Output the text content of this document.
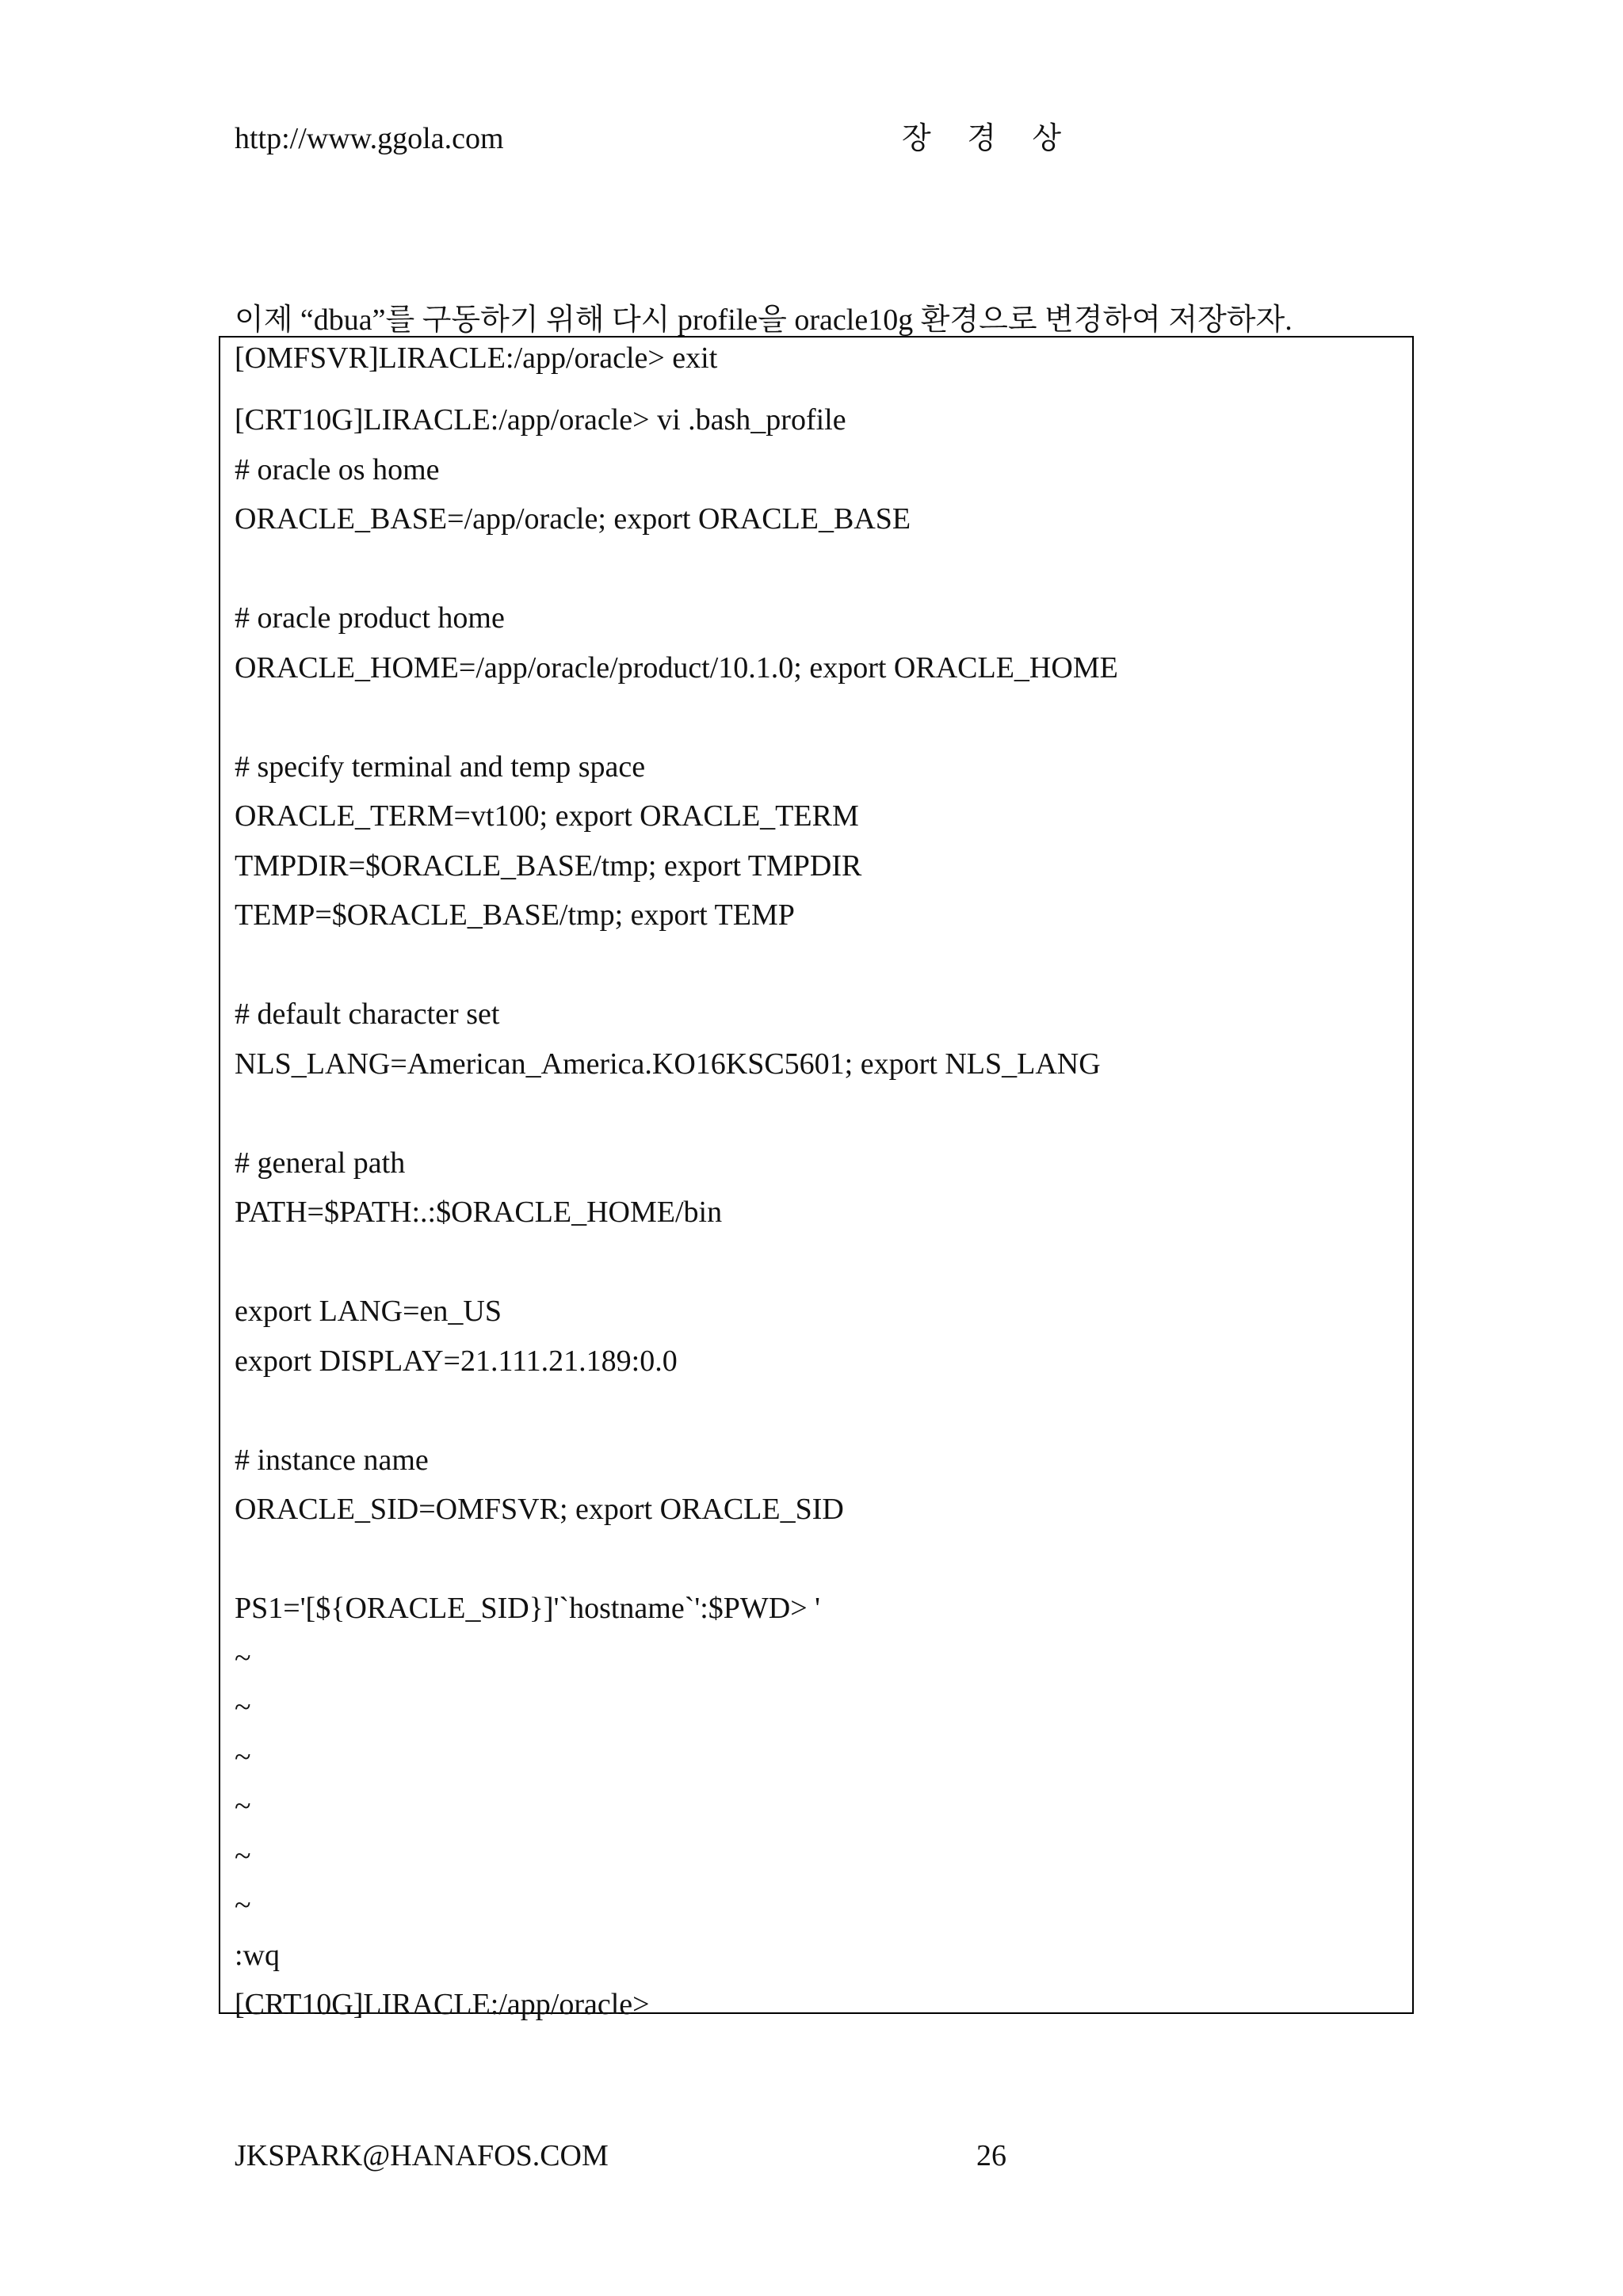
http://www.ggola.com	장 경 상
이제 “dbua”를 구동하기 위해 다시 profile을 oracle10g 환경으로 변경하여 저장하자.
[OMFSVR]LIRACLE:/app/oracle> exit
[CRT10G]LIRACLE:/app/oracle> vi .bash_profile
# oracle os home
ORACLE_BASE=/app/oracle; export ORACLE_BASE
# oracle product home
ORACLE_HOME=/app/oracle/product/10.1.0; export ORACLE_HOME
# specify terminal and temp space
ORACLE_TERM=vt100; export ORACLE_TERM
TMPDIR=$ORACLE_BASE/tmp; export TMPDIR
TEMP=$ORACLE_BASE/tmp; export TEMP
# default character set
NLS_LANG=American_America.KO16KSC5601; export NLS_LANG
# general path
PATH=$PATH:.:$ORACLE_HOME/bin
export LANG=en_US
export DISPLAY=21.111.21.189:0.0
# instance name
ORACLE_SID=OMFSVR; export ORACLE_SID
PS1='[${ORACLE_SID}]'`hostname`':$PWD> '
~
~
~
~
~
~
:wq
[CRT10G]LIRACLE:/app/oracle>
JKSPARK@HANAFOS.COM	26
